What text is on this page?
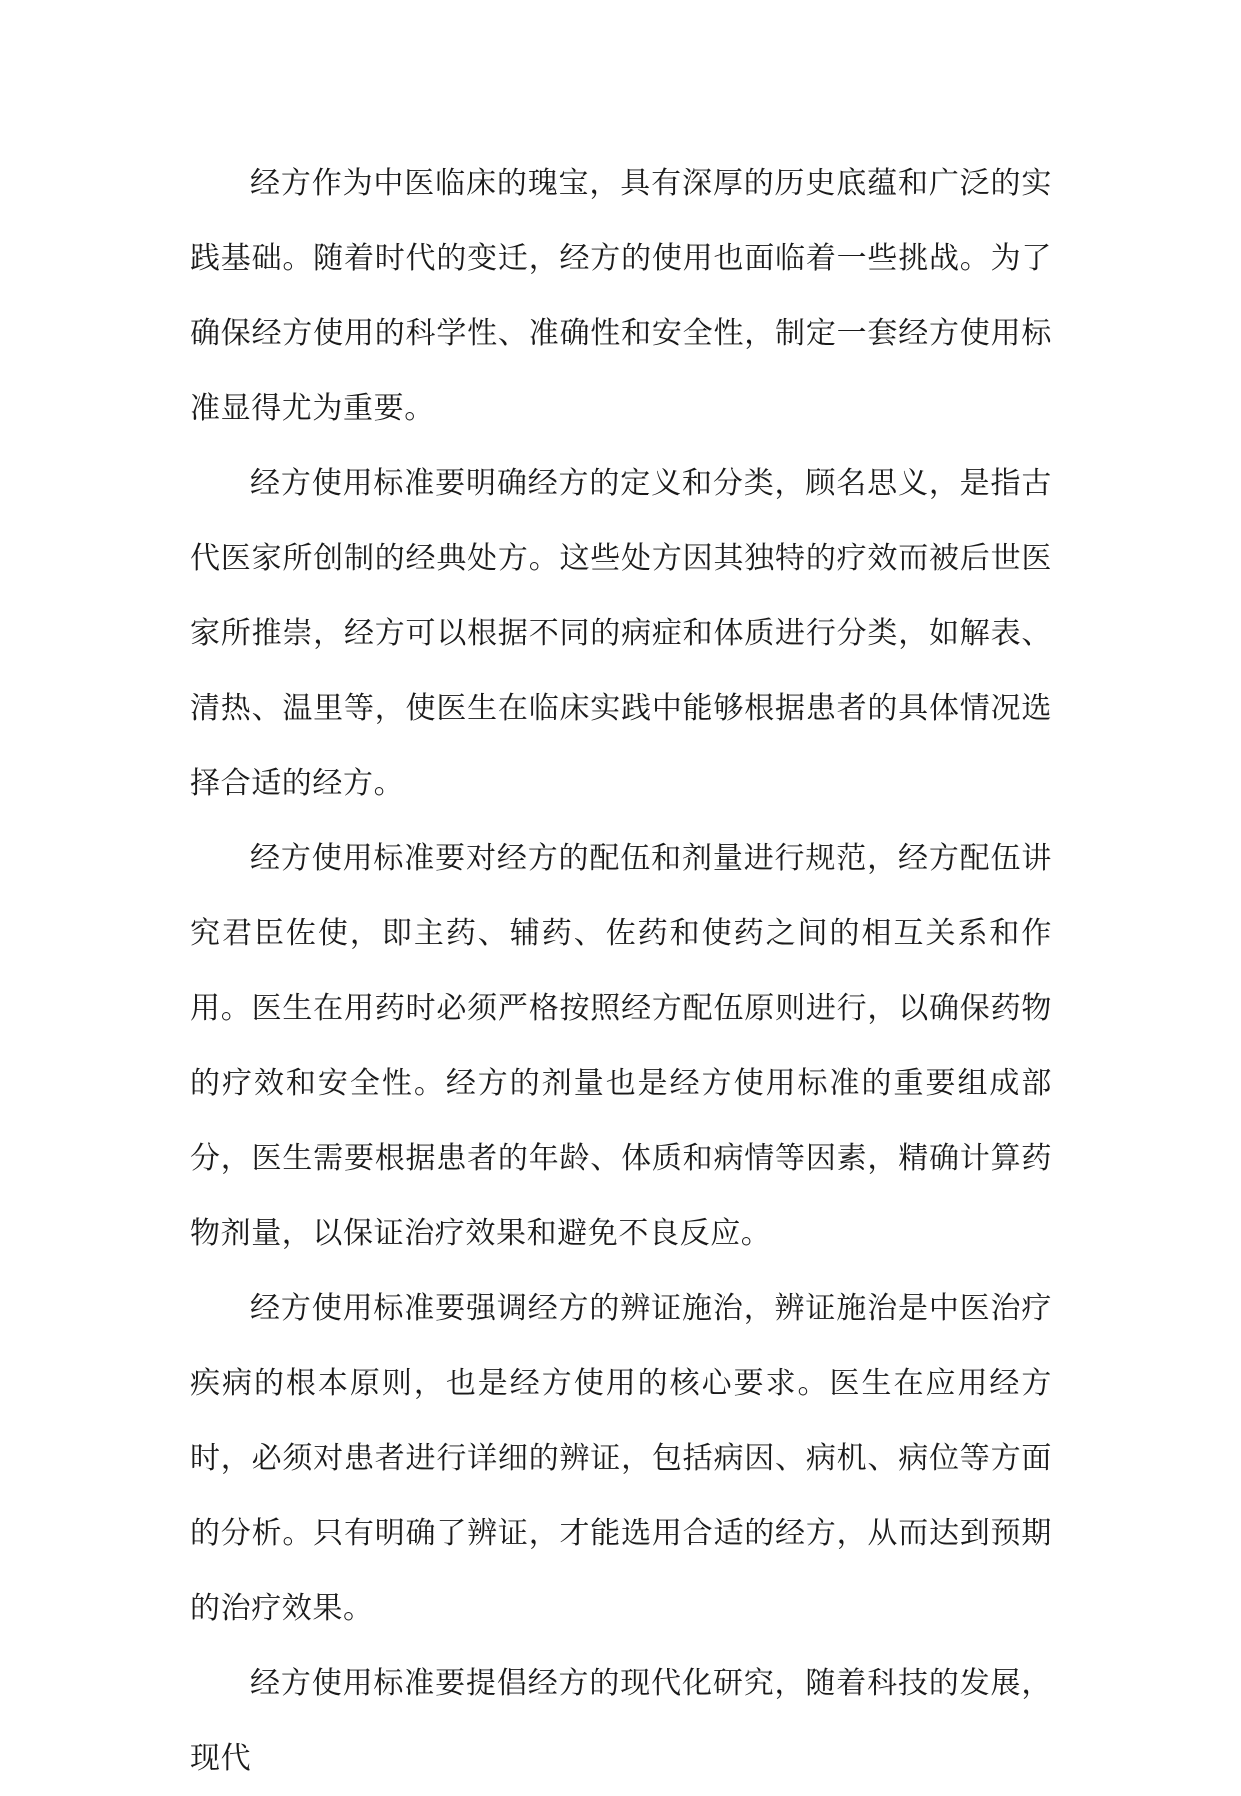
经方作为中医临床的瑰宝，具有深厚的历史底蕴和广泛的实践基础。随着时代的变迁，经方的使用也面临着一些挑战。为了确保经方使用的科学性、准确性和安全性，制定一套经方使用标准显得尤为重要。

经方使用标准要明确经方的定义和分类，顾名思义，是指古代医家所创制的经典处方。这些处方因其独特的疗效而被后世医家所推崇，经方可以根据不同的病症和体质进行分类，如解表、清热、温里等，使医生在临床实践中能够根据患者的具体情况选择合适的经方。

经方使用标准要对经方的配伍和剂量进行规范，经方配伍讲究君臣佐使，即主药、辅药、佐药和使药之间的相互关系和作用。医生在用药时必须严格按照经方配伍原则进行，以确保药物的疗效和安全性。经方的剂量也是经方使用标准的重要组成部分，医生需要根据患者的年龄、体质和病情等因素，精确计算药物剂量，以保证治疗效果和避免不良反应。

经方使用标准要强调经方的辨证施治，辨证施治是中医治疗疾病的根本原则，也是经方使用的核心要求。医生在应用经方时，必须对患者进行详细的辨证，包括病因、病机、病位等方面的分析。只有明确了辨证，才能选用合适的经方，从而达到预期的治疗效果。

经方使用标准要提倡经方的现代化研究，随着科技的发展，现代
